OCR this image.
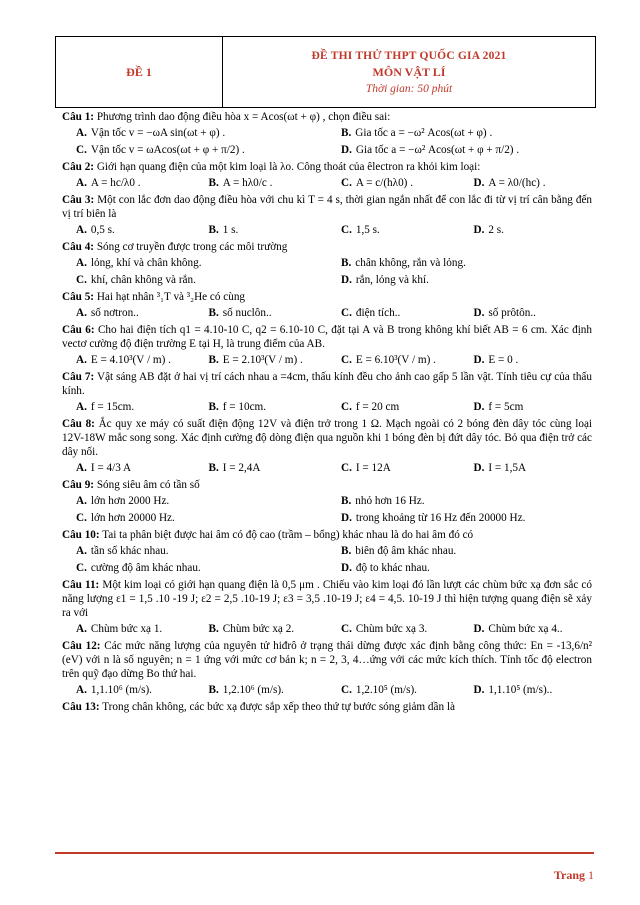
ĐỀ 1
ĐỀ THI THỬ THPT QUỐC GIA 2021
MÔN VẬT LÍ
Thời gian: 50 phút

Câu 1: Phương trình dao động điều hòa x = Acos(ωt + φ) , chọn điều sai:

A. Vận tốc v = −ωA sin(ωt + φ) .	B. Gia tốc a = −ω² Acos(ωt + φ) .
C. Vận tốc v = ωAcos(ωt + φ + π/2) .	D. Gia tốc a = −ω² Acos(ωt + φ + π/2) .

Câu 2: Giới hạn quang điện của một kim loại là λo. Công thoát của êlectron ra khỏi kim loại:

A. A = hc/λ0 .	B. A = hλ0/c .	C. A = c/(hλ0) .	D. A = λ0/(hc) .

Câu 3: Một con lắc đơn dao động điều hòa với chu kì T = 4 s, thời gian ngắn nhất để con lắc đi từ vị trí cân bằng đến vị trí biên là

A. 0,5 s.	B. 1 s.	C. 1,5 s.	D. 2 s.

Câu 4: Sóng cơ truyền được trong các môi trường

A. lỏng, khí và chân không.	B. chân không, rắn và lỏng.
C. khí, chân không và rắn.	D. rắn, lỏng và khí.

Câu 5: Hai hạt nhân ³₁T và ³₂He có cùng

A. số nơtron..	B. số nuclôn..	C. điện tích..	D. số prôtôn..

Câu 6: Cho hai điện tích q1 = 4.10-10 C, q2 = 6.10-10 C, đặt tại A và B trong không khí biết AB = 6 cm. Xác định vectơ cường độ điện trường E tại H, là trung điểm của AB.

A. E = 4.10³(V / m) .	B. E = 2.10³(V / m) .	C. E = 6.10³(V / m) .	D. E = 0 .

Câu 7: Vật sáng AB đặt ở hai vị trí cách nhau a =4cm, thấu kính đều cho ảnh cao gấp 5 lần vật. Tính tiêu cự của thấu kính.

A. f = 15cm.	B. f = 10cm.	C. f = 20 cm	D. f = 5cm

Câu 8: Ắc quy xe máy có suất điện động 12V và điện trở trong 1 Ω. Mạch ngoài có 2 bóng đèn dây tóc cùng loại 12V-18W mắc song song. Xác định cường độ dòng điện qua nguồn khi 1 bóng đèn bị đứt dây tóc. Bỏ qua điện trở các dây nối.

A. I = 4/3 A	B. I = 2,4A	C. I = 12A	D. I = 1,5A

Câu 9: Sóng siêu âm có tần số

A. lớn hơn 2000 Hz.	B. nhỏ hơn 16 Hz.
C. lớn hơn 20000 Hz.	D. trong khoảng từ 16 Hz đến 20000 Hz.

Câu 10: Tai ta phân biệt được hai âm có độ cao (trầm – bổng) khác nhau là do hai âm đó có

A. tần số khác nhau.	B. biên độ âm khác nhau.
C. cường độ âm khác nhau.	D. độ to khác nhau.

Câu 11: Một kim loại có giới hạn quang điện là 0,5 μm . Chiếu vào kim loại đó lần lượt các chùm bức xạ đơn sắc có năng lượng ε1 = 1,5 .10 -19 J; ε2 = 2,5 .10-19 J; ε3 = 3,5 .10-19 J; ε4 = 4,5. 10-19 J thì hiện tượng quang điện sẽ xảy ra với

A. Chùm bức xạ 1.	B. Chùm bức xạ 2.	C. Chùm bức xạ 3.	D. Chùm bức xạ 4..

Câu 12: Các mức năng lượng của nguyên tử hiđrô ở trạng thái dừng được xác định bằng công thức: En = -13,6/n² (eV) với n là số nguyên; n = 1 ứng với mức cơ bản k; n = 2, 3, 4…ứng với các mức kích thích. Tính tốc độ electron trên quỹ đạo dừng Bo thứ hai.

A. 1,1.10⁶ (m/s).	B. 1,2.10⁶ (m/s).	C. 1,2.10⁵ (m/s).	D. 1,1.10⁵ (m/s)..

Câu 13: Trong chân không, các bức xạ được sắp xếp theo thứ tự bước sóng giảm dần là

Trang 1
